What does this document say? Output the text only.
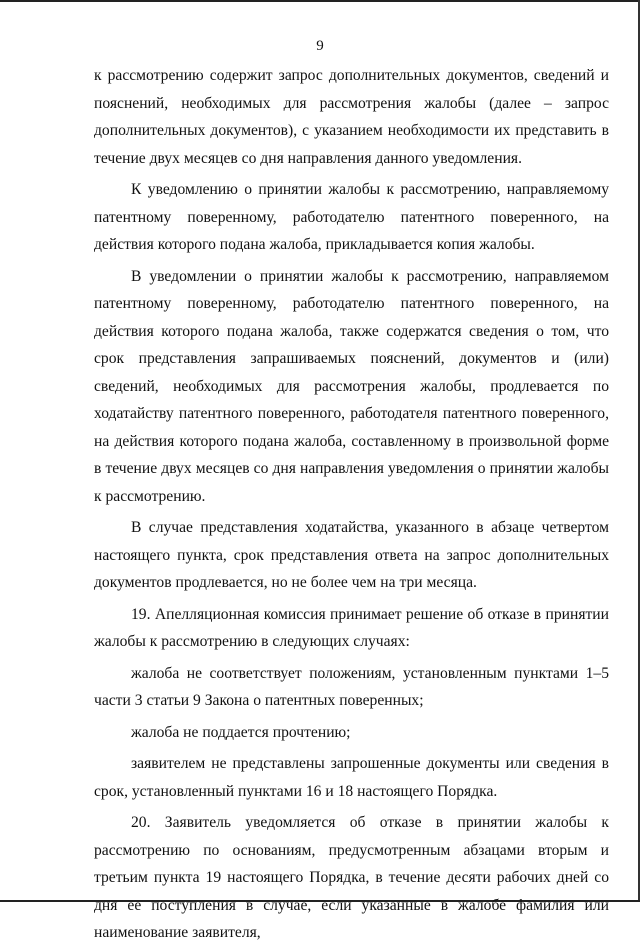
9

к рассмотрению содержит запрос дополнительных документов, сведений и пояснений, необходимых для рассмотрения жалобы (далее – запрос дополнительных документов), с указанием необходимости их представить в течение двух месяцев со дня направления данного уведомления.

К уведомлению о принятии жалобы к рассмотрению, направляемому патентному поверенному, работодателю патентного поверенного, на действия которого подана жалоба, прикладывается копия жалобы.

В уведомлении о принятии жалобы к рассмотрению, направляемом патентному поверенному, работодателю патентного поверенного, на действия которого подана жалоба, также содержатся сведения о том, что срок представления запрашиваемых пояснений, документов и (или) сведений, необходимых для рассмотрения жалобы, продлевается по ходатайству патентного поверенного, работодателя патентного поверенного, на действия которого подана жалоба, составленному в произвольной форме в течение двух месяцев со дня направления уведомления о принятии жалобы к рассмотрению.

В случае представления ходатайства, указанного в абзаце четвертом настоящего пункта, срок представления ответа на запрос дополнительных документов продлевается, но не более чем на три месяца.

19. Апелляционная комиссия принимает решение об отказе в принятии жалобы к рассмотрению в следующих случаях:

жалоба не соответствует положениям, установленным пунктами 1–5 части 3 статьи 9 Закона о патентных поверенных;

жалоба не поддается прочтению;

заявителем не представлены запрошенные документы или сведения в срок, установленный пунктами 16 и 18 настоящего Порядка.

20. Заявитель уведомляется об отказе в принятии жалобы к рассмотрению по основаниям, предусмотренным абзацами вторым и третьим пункта 19 настоящего Порядка, в течение десяти рабочих дней со дня ее поступления в случае, если указанные в жалобе фамилия или наименование заявителя,
